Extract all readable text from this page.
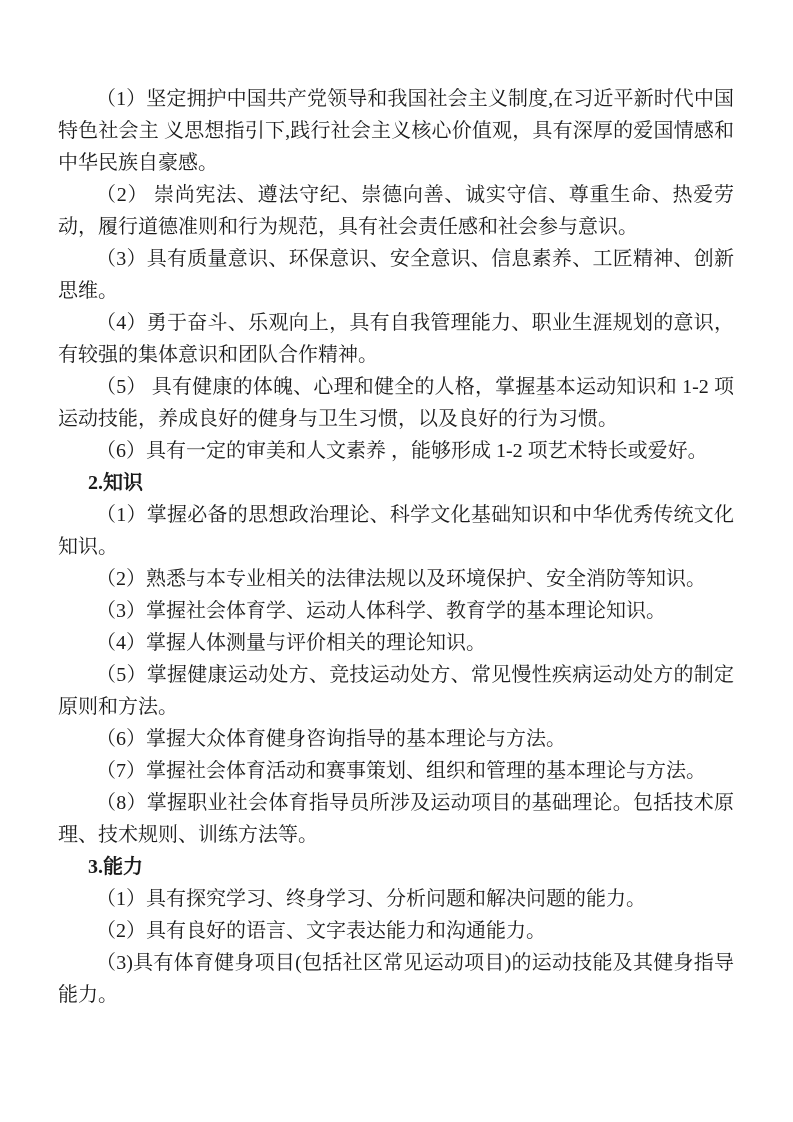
（1）坚定拥护中国共产党领导和我国社会主义制度,在习近平新时代中国特色社会主 义思想指引下,践行社会主义核心价值观，具有深厚的爱国情感和中华民族自豪感。

（2） 崇尚宪法、遵法守纪、崇德向善、诚实守信、尊重生命、热爱劳动，履行道德准则和行为规范，具有社会责任感和社会参与意识。

（3）具有质量意识、环保意识、安全意识、信息素养、工匠精神、创新思维。

（4）勇于奋斗、乐观向上，具有自我管理能力、职业生涯规划的意识，有较强的集体意识和团队合作精神。

（5） 具有健康的体魄、心理和健全的人格，掌握基本运动知识和 1-2 项运动技能，养成良好的健身与卫生习惯，以及良好的行为习惯。

（6）具有一定的审美和人文素养 ，能够形成 1-2 项艺术特长或爱好。

2.知识

（1）掌握必备的思想政治理论、科学文化基础知识和中华优秀传统文化知识。

（2）熟悉与本专业相关的法律法规以及环境保护、安全消防等知识。

（3）掌握社会体育学、运动人体科学、教育学的基本理论知识。

（4）掌握人体测量与评价相关的理论知识。

（5）掌握健康运动处方、竞技运动处方、常见慢性疾病运动处方的制定原则和方法。

（6）掌握大众体育健身咨询指导的基本理论与方法。

（7）掌握社会体育活动和赛事策划、组织和管理的基本理论与方法。

（8）掌握职业社会体育指导员所涉及运动项目的基础理论。包括技术原理、技术规则、训练方法等。

3.能力

（1）具有探究学习、终身学习、分析问题和解决问题的能力。

（2）具有良好的语言、文字表达能力和沟通能力。

（3)具有体育健身项目(包括社区常见运动项目)的运动技能及其健身指导能力。
